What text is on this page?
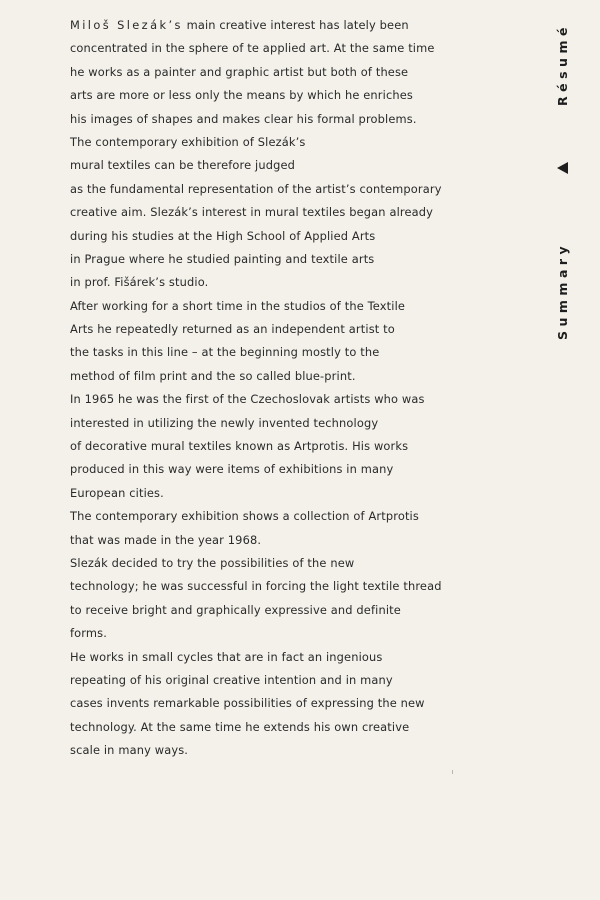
Miloš Slezák’s main creative interest has lately been
concentrated in the sphere of te applied art. At the same time
he works as a painter and graphic artist but both of these
arts are more or less only the means by which he enriches
his images of shapes and makes clear his formal problems.
The contemporary exhibition of Slezák’s
mural textiles can be therefore judged
as the fundamental representation of the artist’s contemporary
creative aim. Slezák’s interest in mural textiles began already
during his studies at the High School of Applied Arts
in Prague where he studied painting and textile arts
in prof. Fišárek’s studio.
After working for a short time in the studios of the Textile
Arts he repeatedly returned as an independent artist to
the tasks in this line – at the beginning mostly to the
method of film print and the so called blue-print.
In 1965 he was the first of the Czechoslovak artists who was
interested in utilizing the newly invented technology
of decorative mural textiles known as Artprotis. His works
produced in this way were items of exhibitions in many
European cities.
The contemporary exhibition shows a collection of Artprotis
that was made in the year 1968.
Slezák decided to try the possibilities of the new
technology; he was successful in forcing the light textile thread
to receive bright and graphically expressive and definite
forms.
He works in small cycles that are in fact an ingenious
repeating of his original creative intention and in many
cases invents remarkable possibilities of expressing the new
technology. At the same time he extends his own creative
scale in many ways.
Résumé
Summary
